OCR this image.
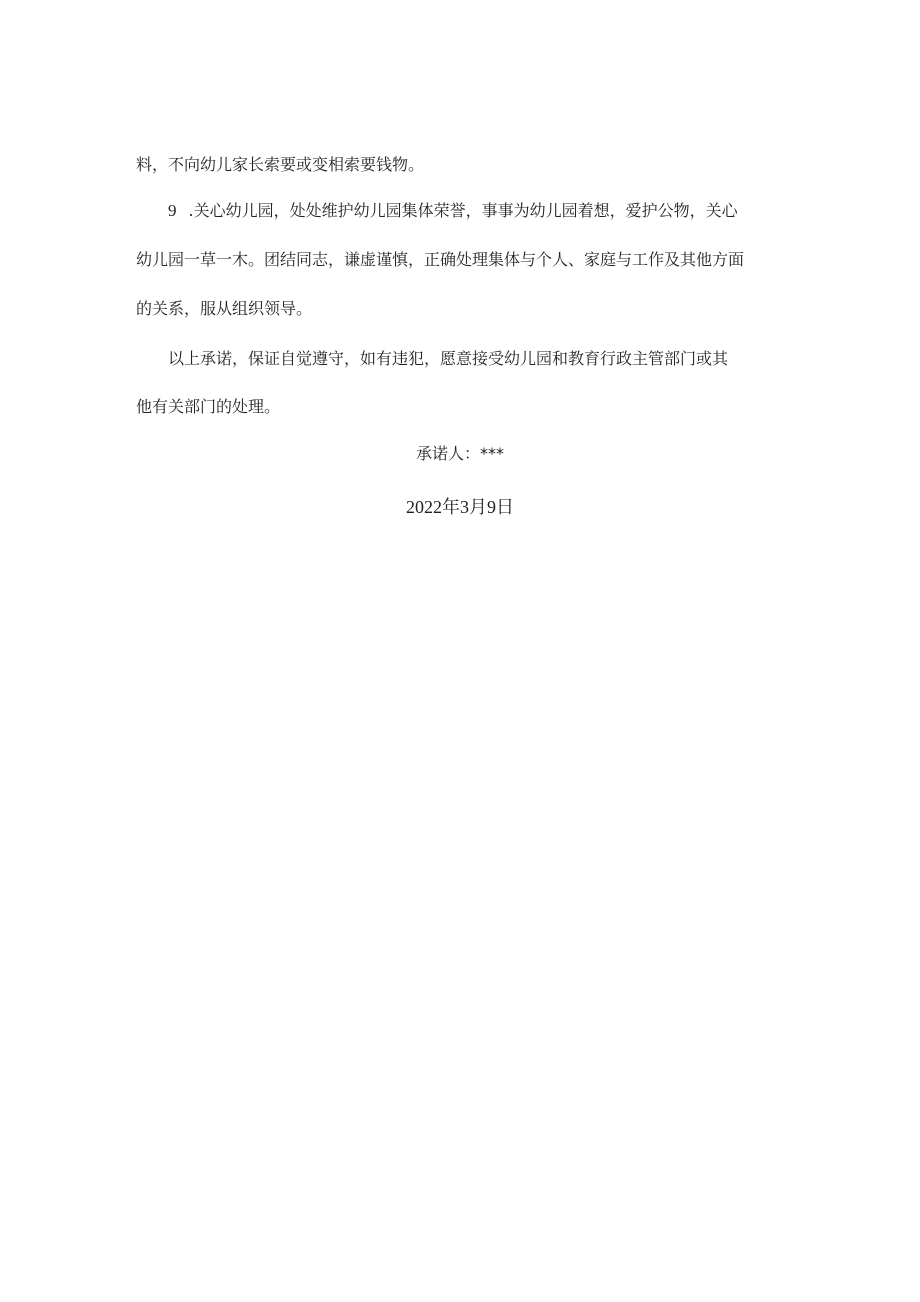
料，不向幼儿家长索要或变相索要钱物。
9 .关心幼儿园，处处维护幼儿园集体荣誉，事事为幼儿园着想，爱护公物，关心
幼儿园一草一木。团结同志，谦虚谨慎，正确处理集体与个人、家庭与工作及其他方面
的关系，服从组织领导。
以上承诺，保证自觉遵守，如有违犯，愿意接受幼儿园和教育行政主管部门或其
他有关部门的处理。
承诺人：***
2022年3月9日
